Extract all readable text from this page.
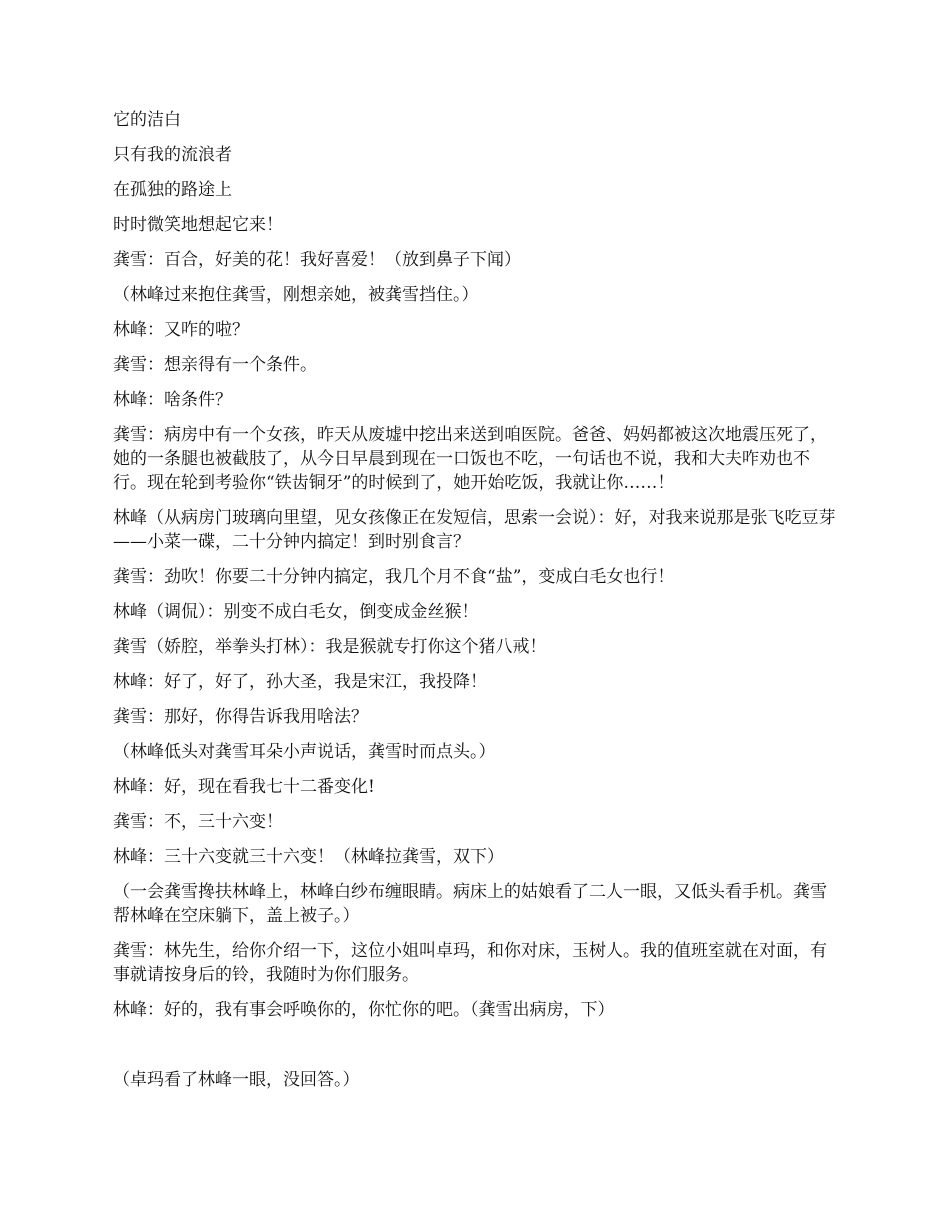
它的洁白

只有我的流浪者

在孤独的路途上

时时微笑地想起它来！

龚雪：百合，好美的花！我好喜爱！（放到鼻子下闻）

（林峰过来抱住龚雪，刚想亲她，被龚雪挡住。）

林峰：又咋的啦？

龚雪：想亲得有一个条件。

林峰：啥条件？

龚雪：病房中有一个女孩，昨天从废墟中挖出来送到咱医院。爸爸、妈妈都被这次地震压死了，她的一条腿也被截肢了，从今日早晨到现在一口饭也不吃，一句话也不说，我和大夫咋劝也不行。现在轮到考验你“铁齿铜牙”的时候到了，她开始吃饭，我就让你……！

林峰（从病房门玻璃向里望，见女孩像正在发短信，思索一会说）：好，对我来说那是张飞吃豆芽——小菜一碟，二十分钟内搞定！到时别食言？

龚雪：劲吹！你要二十分钟内搞定，我几个月不食“盐”，变成白毛女也行！

林峰（调侃）：别变不成白毛女，倒变成金丝猴！

龚雪（娇腔，举拳头打林）：我是猴就专打你这个猪八戒！

林峰：好了，好了，孙大圣，我是宋江，我投降！

龚雪：那好，你得告诉我用啥法？

（林峰低头对龚雪耳朵小声说话，龚雪时而点头。）

林峰：好，现在看我七十二番变化!

龚雪：不，三十六变！

林峰：三十六变就三十六变！（林峰拉龚雪，双下）

（一会龚雪搀扶林峰上，林峰白纱布缠眼睛。病床上的姑娘看了二人一眼，又低头看手机。龚雪帮林峰在空床躺下，盖上被子。）

龚雪：林先生，给你介绍一下，这位小姐叫卓玛，和你对床，玉树人。我的值班室就在对面，有事就请按身后的铃，我随时为你们服务。

林峰：好的，我有事会呼唤你的，你忙你的吧。（龚雪出病房，下）

（卓玛看了林峰一眼，没回答。）
